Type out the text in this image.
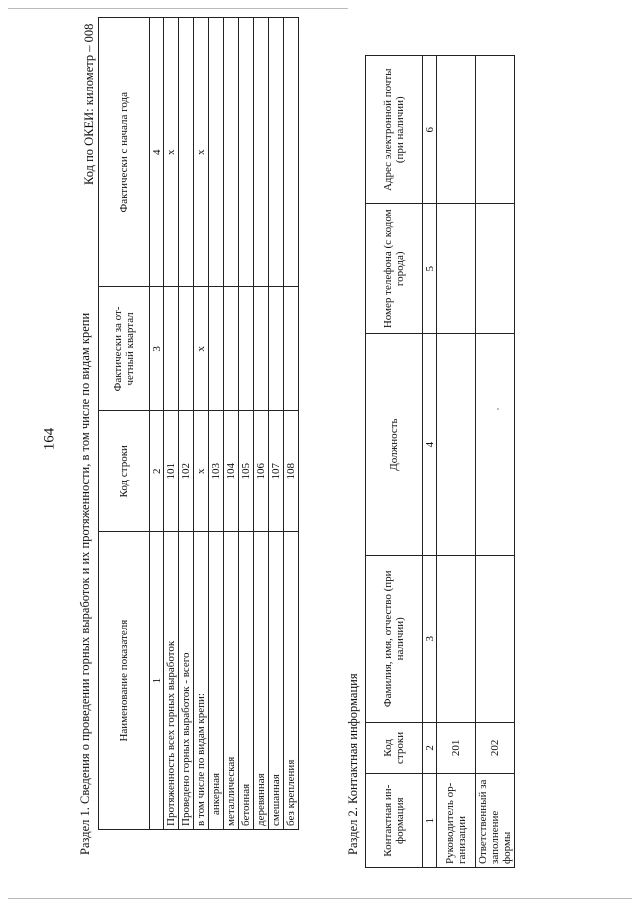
164 Раздел 1. Сведения о проведении горных выработок и их протяженности, в том числе по видам крепи
Код по ОКЕИ: километр – 008
Наименование показателя	Код строки	Фактически за от-четный квартал	Фактически с начала года
1	2	3	4
Протяженность всех горных выработок	101		х
Проведено горных выработок - всего	102		
в том числе по видам крепи:	х	х	х
анкерная	103		
металлическая	104		
бетонная	105		
деревянная	106		
смешанная	107		
без крепления	108		
Раздел 2. Контактная информация Контактная ин-формация	Код строки	Фамилия, имя, отчество (при наличии)	Должность	Номер телефона (с кодом города)	Адрес электронной почты (при наличии)
1	2	3	4	5	6
Руководитель ор-ганизации	201				
Ответственный за заполнение формы	202				
